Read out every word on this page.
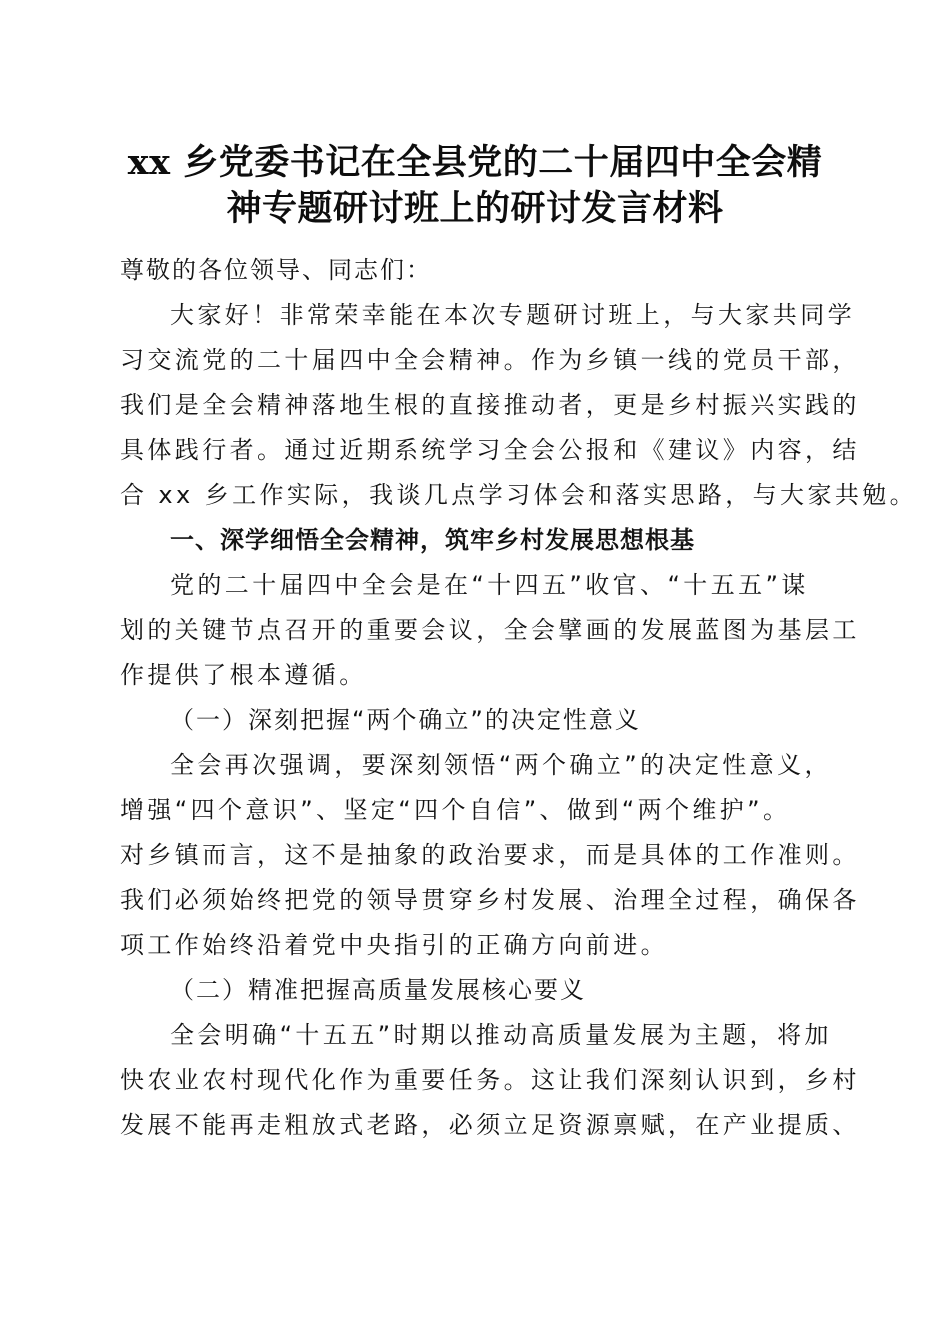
xx 乡党委书记在全县党的二十届四中全会精
神专题研讨班上的研讨发言材料
尊敬的各位领导、同志们：
大家好！非常荣幸能在本次专题研讨班上，与大家共同学
习交流党的二十届四中全会精神。作为乡镇一线的党员干部，
我们是全会精神落地生根的直接推动者，更是乡村振兴实践的
具体践行者。通过近期系统学习全会公报和《建议》内容，结
合 xx 乡工作实际，我谈几点学习体会和落实思路，与大家共勉。
一、深学细悟全会精神，筑牢乡村发展思想根基
党的二十届四中全会是在“十四五”收官、“十五五”谋
划的关键节点召开的重要会议，全会擘画的发展蓝图为基层工
作提供了根本遵循。
（一）深刻把握“两个确立”的决定性意义
全会再次强调，要深刻领悟“两个确立”的决定性意义，
增强“四个意识”、坚定“四个自信”、做到“两个维护”。
对乡镇而言，这不是抽象的政治要求，而是具体的工作准则。
我们必须始终把党的领导贯穿乡村发展、治理全过程，确保各
项工作始终沿着党中央指引的正确方向前进。
（二）精准把握高质量发展核心要义
全会明确“十五五”时期以推动高质量发展为主题，将加
快农业农村现代化作为重要任务。这让我们深刻认识到，乡村
发展不能再走粗放式老路，必须立足资源禀赋，在产业提质、
